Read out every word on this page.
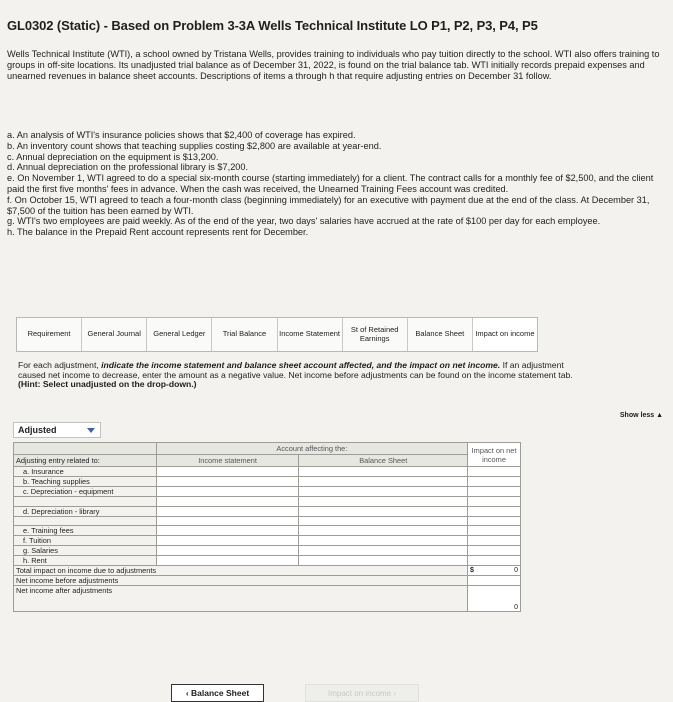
GL0302 (Static) - Based on Problem 3-3A Wells Technical Institute LO P1, P2, P3, P4, P5
Wells Technical Institute (WTI), a school owned by Tristana Wells, provides training to individuals who pay tuition directly to the school. WTI also offers training to groups in off-site locations. Its unadjusted trial balance as of December 31, 2022, is found on the trial balance tab. WTI initially records prepaid expenses and unearned revenues in balance sheet accounts. Descriptions of items a through h that require adjusting entries on December 31 follow.

a. An analysis of WTI's insurance policies shows that $2,400 of coverage has expired.

b. An inventory count shows that teaching supplies costing $2,800 are available at year-end.

c. Annual depreciation on the equipment is $13,200.

d. Annual depreciation on the professional library is $7,200.

e. On November 1, WTI agreed to do a special six-month course (starting immediately) for a client. The contract calls for a monthly fee of $2,500, and the client paid the first five months' fees in advance. When the cash was received, the Unearned Training Fees account was credited.

f. On October 15, WTI agreed to teach a four-month class (beginning immediately) for an executive with payment due at the end of the class. At December 31, $7,500 of the tuition has been earned by WTI.

g. WTI's two employees are paid weekly. As of the end of the year, two days' salaries have accrued at the rate of $100 per day for each employee.

h. The balance in the Prepaid Rent account represents rent for December.

Requirement	General Journal	General Ledger	Trial Balance	Income Statement	St of Retained Earnings	Balance Sheet	Impact on income
For each adjustment, indicate the income statement and balance sheet account affected, and the impact on net income. If an adjustment caused net income to decrease, enter the amount as a negative value. Net income before adjustments can be found on the income statement tab. (Hint: Select unadjusted on the drop-down.)
Show less ▲
Adjusted
	Account affecting the:		Impact on net income
Adjusting entry related to:	Income statement	Balance Sheet	
a. Insurance			
b. Teaching supplies			
c. Depreciation - equipment			

d. Depreciation - library			

e. Training fees			
f. Tuition			
g. Salaries			
h. Rent			
Total impact on income due to adjustments			$ 0

Net income before adjustments			
Net income after adjustments			0
‹ Balance Sheet	Impact on income ›
